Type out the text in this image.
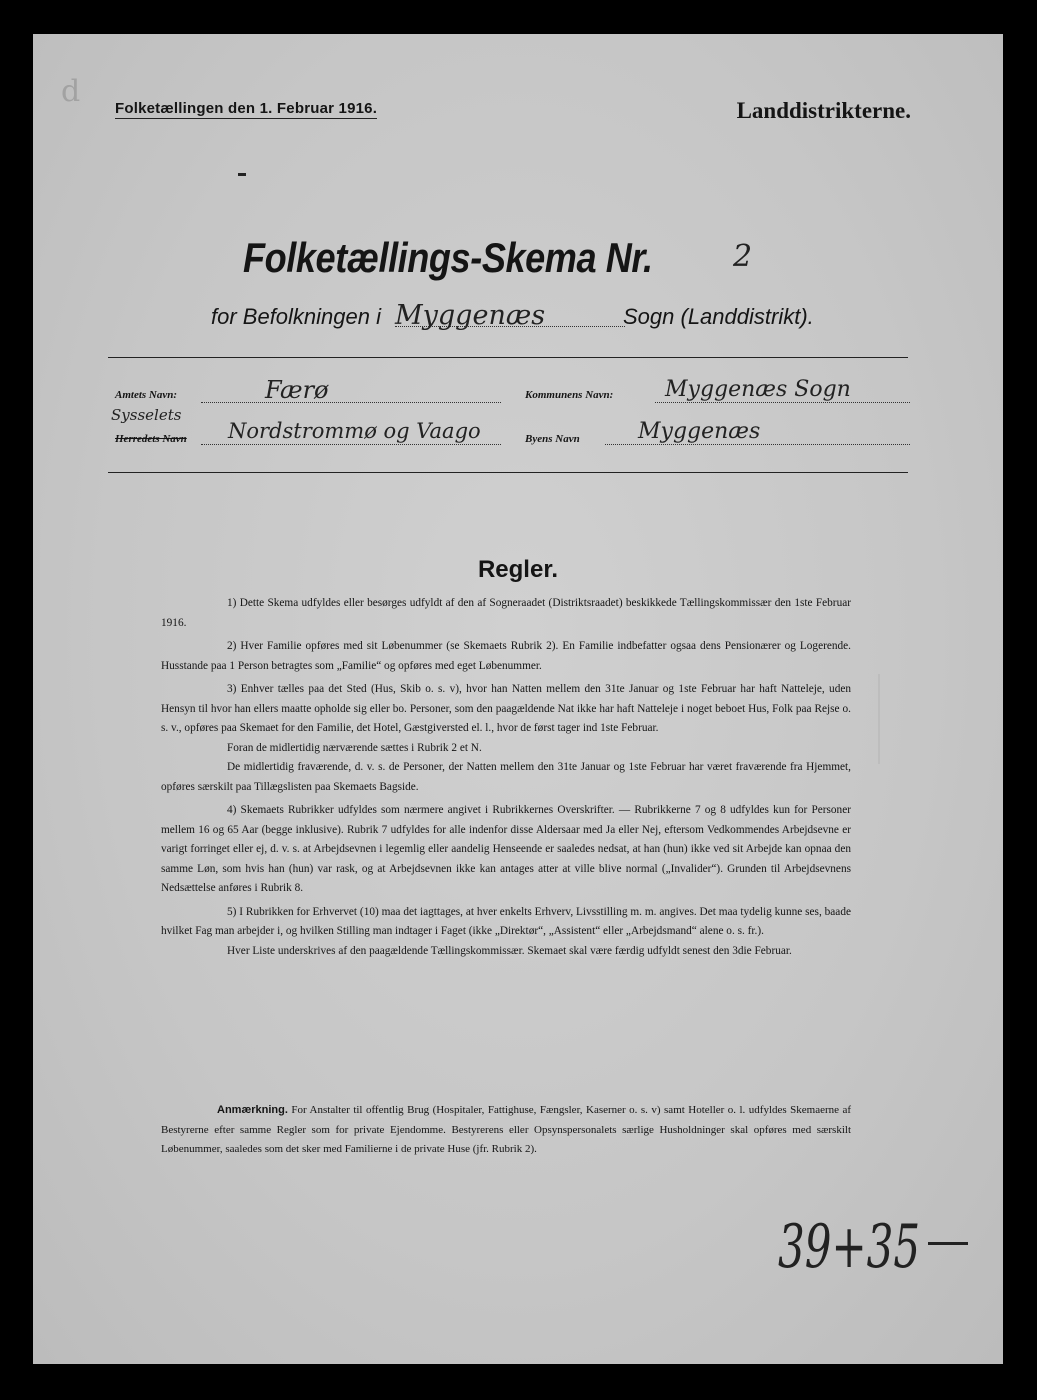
d Folketællingen den 1. Februar 1916.	Landdistrikterne.
Folketællings-Skema Nr.	2
for Befolkningen i Myggenæs	Sogn (Landdistrikt).
Amtets Navn:	Færø	Kommunens Navn: Myggenæs Sogn
Sysselets
Herredets Navn Nordstrommø og Vaago	Byens Navn	Myggenæs
Regler.

1) Dette Skema udfyldes eller besørges udfyldt af den af Sogneraadet (Distriktsraadet) beskikkede Tællingskommissær den 1ste Februar 1916.

2) Hver Familie opføres med sit Løbenummer (se Skemaets Rubrik 2). En Familie indbefatter ogsaa dens Pensionærer og Logerende. Husstande paa 1 Person betragtes som „Familie“ og opføres med eget Løbenummer.

3) Enhver tælles paa det Sted (Hus, Skib o. s. v), hvor han Natten mellem den 31te Januar og 1ste Februar har haft Natteleje, uden Hensyn til hvor han ellers maatte opholde sig eller bo. Personer, som den paagældende Nat ikke har haft Natteleje i noget beboet Hus, Folk paa Rejse o. s. v., opføres paa Skemaet for den Familie, det Hotel, Gæstgiversted el. l., hvor de først tager ind 1ste Februar.

Foran de midlertidig nærværende sættes i Rubrik 2 et N.

De midlertidig fraværende, d. v. s. de Personer, der Natten mellem den 31te Januar og 1ste Februar har været fraværende fra Hjemmet, opføres særskilt paa Tillægslisten paa Skemaets Bagside.

4) Skemaets Rubrikker udfyldes som nærmere angivet i Rubrikkernes Overskrifter. — Rubrikkerne 7 og 8 udfyldes kun for Personer mellem 16 og 65 Aar (begge inklusive). Rubrik 7 udfyldes for alle indenfor disse Aldersaar med Ja eller Nej, eftersom Vedkommendes Arbejdsevne er varigt forringet eller ej, d. v. s. at Arbejdsevnen i legemlig eller aandelig Henseende er saaledes nedsat, at han (hun) ikke ved sit Arbejde kan opnaa den samme Løn, som hvis han (hun) var rask, og at Arbejdsevnen ikke kan antages atter at ville blive normal („Invalider“). Grunden til Arbejdsevnens Nedsættelse anføres i Rubrik 8.

5) I Rubrikken for Erhvervet (10) maa det iagttages, at hver enkelts Erhverv, Livsstilling m. m. angives. Det maa tydelig kunne ses, baade hvilket Fag man arbejder i, og hvilken Stilling man indtager i Faget (ikke „Direktør“, „Assistent“ eller „Arbejdsmand“ alene o. s. fr.).

Hver Liste underskrives af den paagældende Tællingskommissær. Skemaet skal være færdig udfyldt senest den 3die Februar.

Anmærkning. For Anstalter til offentlig Brug (Hospitaler, Fattighuse, Fængsler, Kaserner o. s. v) samt Hoteller o. l. udfyldes Skemaerne af Bestyrerne efter samme Regler som for private Ejendomme. Bestyrerens eller Opsynspersonalets særlige Husholdninger skal opføres med særskilt Løbenummer, saaledes som det sker med Familierne i de private Huse (jfr. Rubrik 2).

39+35
